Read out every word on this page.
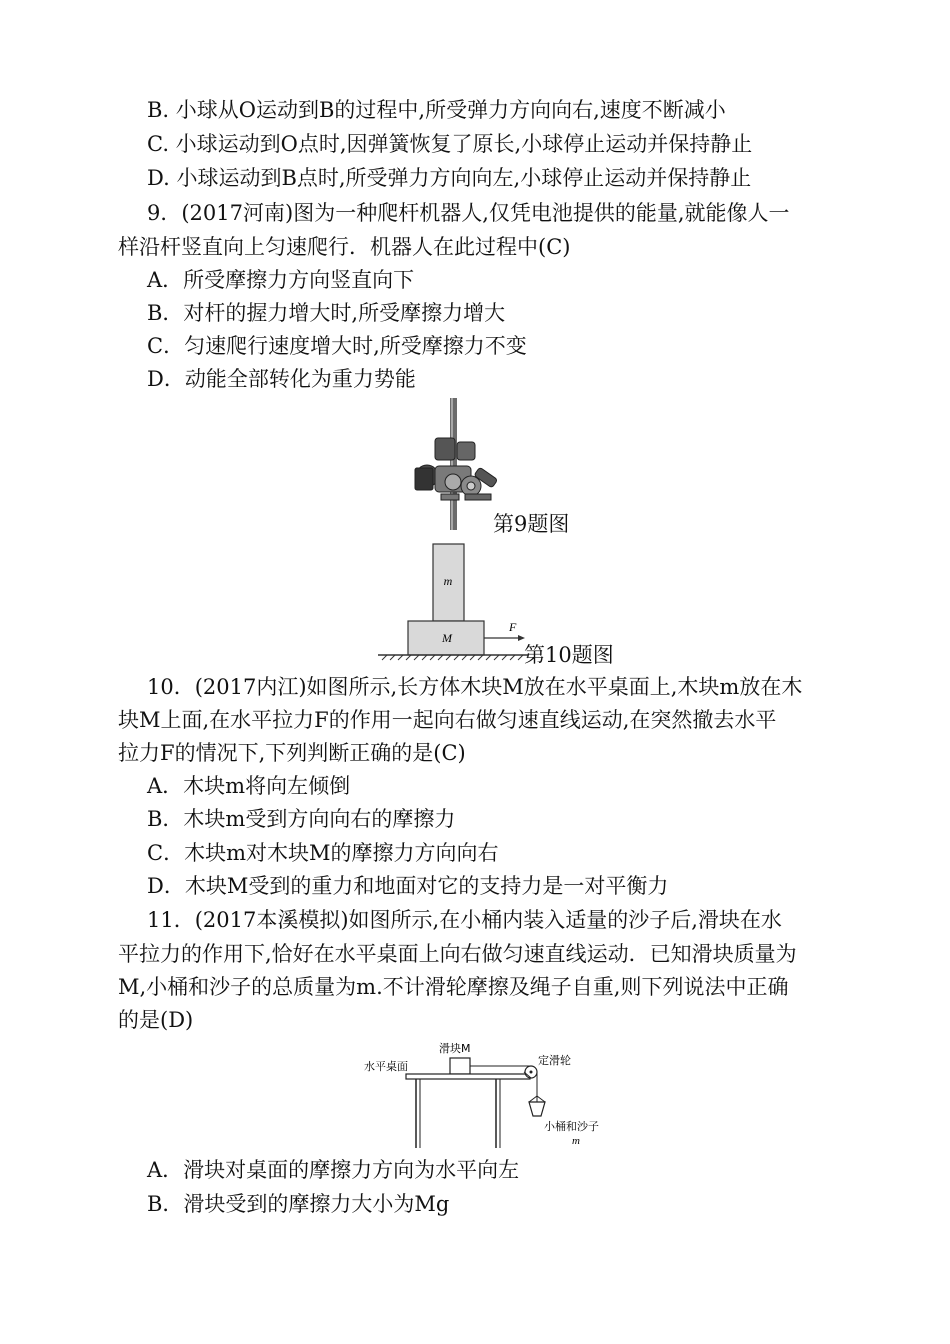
B. 小球从O运动到B的过程中,所受弹力方向向右,速度不断减小
C. 小球运动到O点时,因弹簧恢复了原长,小球停止运动并保持静止
D. 小球运动到B点时,所受弹力方向向左,小球停止运动并保持静止
9．(2017河南)图为一种爬杆机器人,仅凭电池提供的能量,就能像人一
样沿杆竖直向上匀速爬行．机器人在此过程中(C)
A．所受摩擦力方向竖直向下
B．对杆的握力增大时,所受摩擦力增大
C．匀速爬行速度增大时,所受摩擦力不变
D．动能全部转化为重力势能
第9题图
m
M
F
第10题图
10．(2017内江)如图所示,长方体木块M放在水平桌面上,木块m放在木
块M上面,在水平拉力F的作用一起向右做匀速直线运动,在突然撤去水平
拉力F的情况下,下列判断正确的是(C)
A．木块m将向左倾倒
B．木块m受到方向向右的摩擦力
C．木块m对木块M的摩擦力方向向右
D．木块M受到的重力和地面对它的支持力是一对平衡力
11．(2017本溪模拟)如图所示,在小桶内装入适量的沙子后,滑块在水
平拉力的作用下,恰好在水平桌面上向右做匀速直线运动．已知滑块质量为
M,小桶和沙子的总质量为m.不计滑轮摩擦及绳子自重,则下列说法中正确
的是(D)
滑块M
水平桌面	定滑轮
小桶和沙子
m
A．滑块对桌面的摩擦力方向为水平向左
B．滑块受到的摩擦力大小为Mg
